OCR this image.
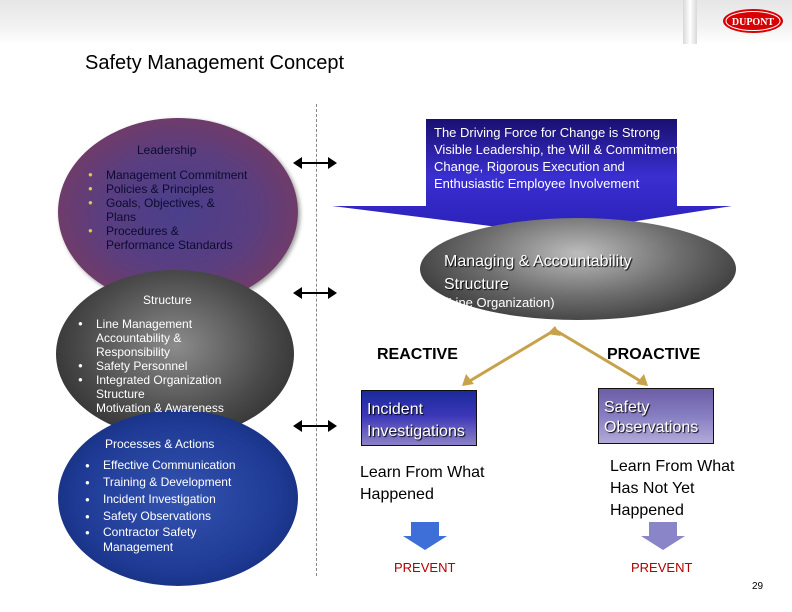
DUPONT
Safety Management Concept
Leadership
● Management Commitment
● Policies & Principles
● Goals, Objectives, & Plans
● Procedures & Performance Standards
Structure
● Line Management Accountability & Responsibility
● Safety Personnel
● Integrated Organization Structure
● Motivation & Awareness
Processes & Actions
● Effective Communication
● Training & Development
● Incident Investigation
● Safety Observations
● Contractor Safety Management
The Driving Force for Change is Strong Visible Leadership, the Will & Commitment to Change, Rigorous Execution and Enthusiastic Employee Involvement
Managing & Accountability Structure
(Line Organization)
REACTIVE	PROACTIVE
Incident Investigations
Safety Observations
Learn From What Happened
Learn From What Has Not Yet Happened
PREVENT	PREVENT
29
